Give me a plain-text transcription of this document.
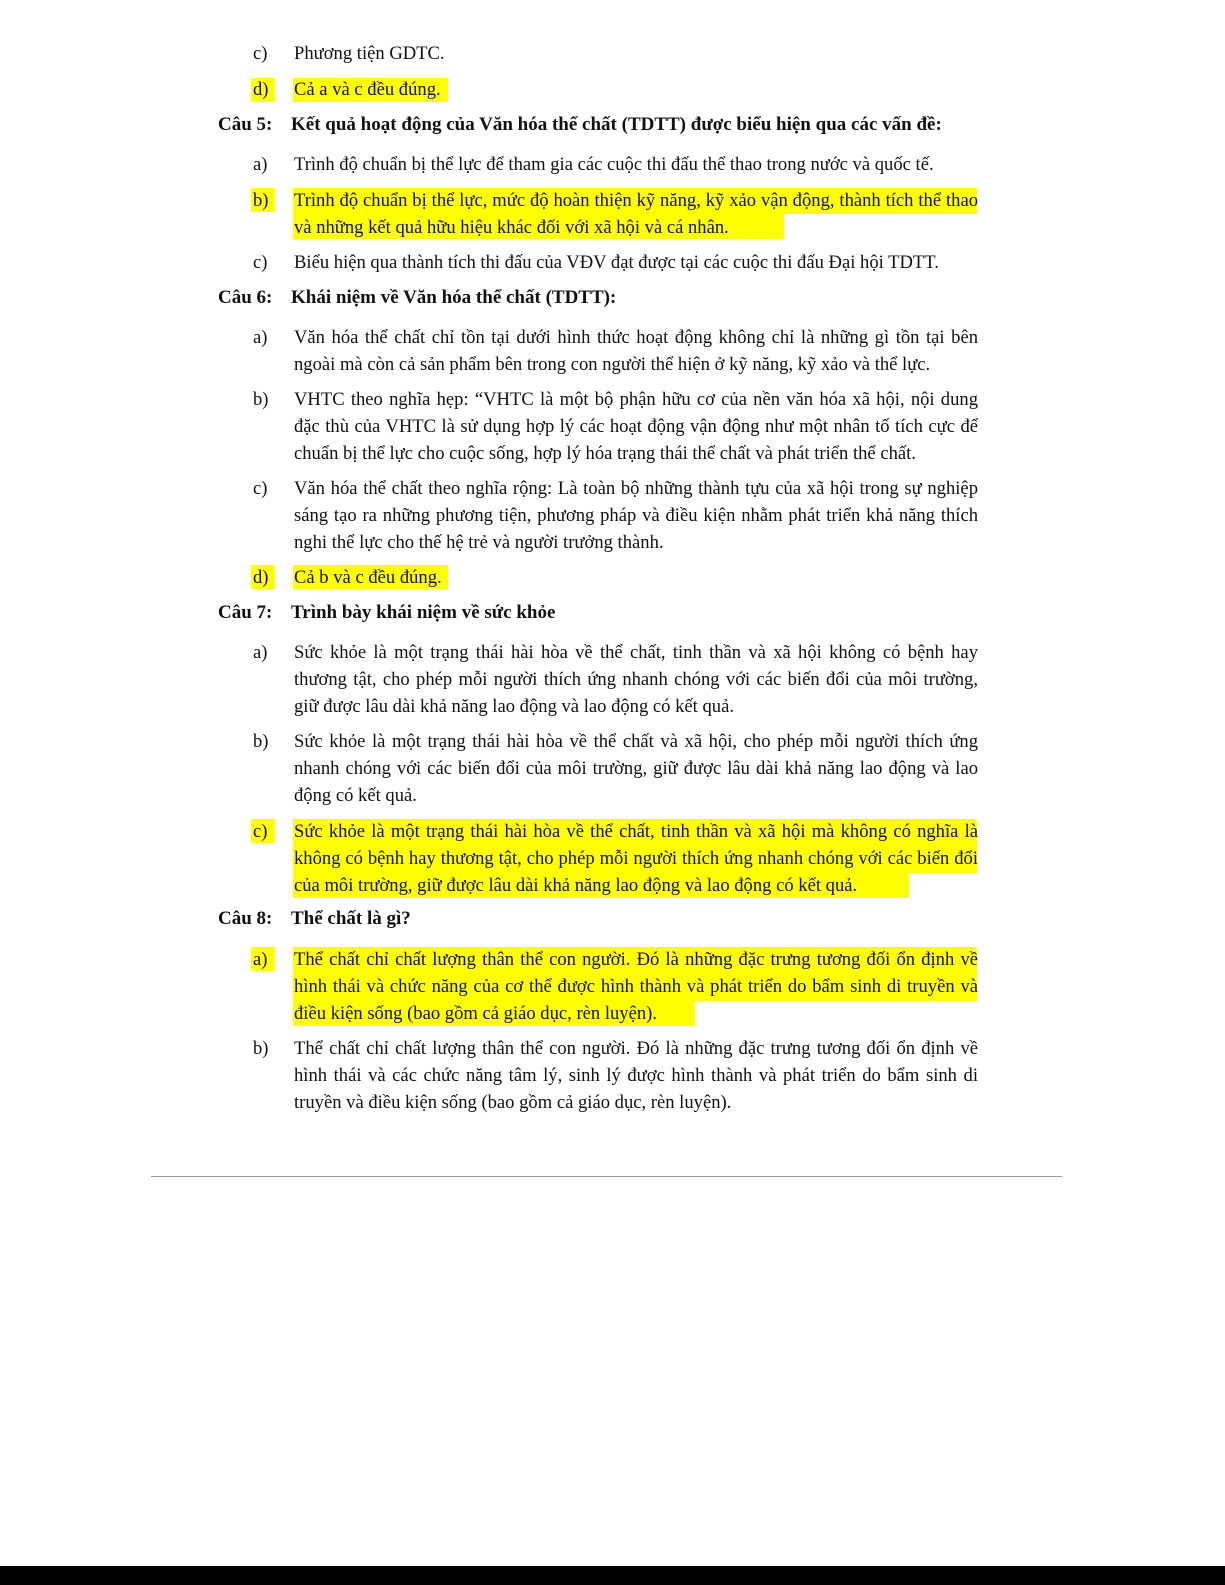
c)	Phương tiện GDTC.
d)	Cả a và c đều đúng.
Câu 5: Kết quả hoạt động của Văn hóa thể chất (TDTT) được biểu hiện qua các vấn đề:
a)	Trình độ chuẩn bị thể lực để tham gia các cuộc thi đấu thể thao trong nước và quốc tế.
b)	Trình độ chuẩn bị thể lực, mức độ hoàn thiện kỹ năng, kỹ xảo vận động, thành tích thể thao và những kết quả hữu hiệu khác đối với xã hội và cá nhân.
c)	Biểu hiện qua thành tích thi đấu của VĐV đạt được tại các cuộc thi đấu Đại hội TDTT.
Câu 6: Khái niệm về Văn hóa thể chất (TDTT):
a)	Văn hóa thể chất chỉ tồn tại dưới hình thức hoạt động không chỉ là những gì tồn tại bên ngoài mà còn cả sản phẩm bên trong con người thể hiện ở kỹ năng, kỹ xảo và thể lực.
b)	VHTC theo nghĩa hẹp: “VHTC là một bộ phận hữu cơ của nền văn hóa xã hội, nội dung đặc thù của VHTC là sử dụng hợp lý các hoạt động vận động như một nhân tố tích cực để chuẩn bị thể lực cho cuộc sống, hợp lý hóa trạng thái thể chất và phát triển thể chất.
c)	Văn hóa thể chất theo nghĩa rộng: Là toàn bộ những thành tựu của xã hội trong sự nghiệp sáng tạo ra những phương tiện, phương pháp và điều kiện nhằm phát triển khả năng thích nghi thể lực cho thế hệ trẻ và người trưởng thành.
d)	Cả b và c đều đúng.
Câu 7: Trình bày khái niệm về sức khỏe
a)	Sức khỏe là một trạng thái hài hòa về thể chất, tinh thần và xã hội không có bệnh hay thương tật, cho phép mỗi người thích ứng nhanh chóng với các biến đổi của môi trường, giữ được lâu dài khả năng lao động và lao động có kết quả.
b)	Sức khỏe là một trạng thái hài hòa về thể chất và xã hội, cho phép mỗi người thích ứng nhanh chóng với các biến đổi của môi trường, giữ được lâu dài khả năng lao động và lao động có kết quả.
c)	Sức khỏe là một trạng thái hài hòa về thể chất, tinh thần và xã hội mà không có nghĩa là không có bệnh hay thương tật, cho phép mỗi người thích ứng nhanh chóng với các biến đổi của môi trường, giữ được lâu dài khả năng lao động và lao động có kết quả.
Câu 8: Thể chất là gì?
a)	Thể chất chỉ chất lượng thân thể con người. Đó là những đặc trưng tương đối ổn định về hình thái và chức năng của cơ thể được hình thành và phát triển do bẩm sinh di truyền và điều kiện sống (bao gồm cả giáo dục, rèn luyện).
b)	Thể chất chỉ chất lượng thân thể con người. Đó là những đặc trưng tương đối ổn định về hình thái và các chức năng tâm lý, sinh lý được hình thành và phát triển do bẩm sinh di truyền và điều kiện sống (bao gồm cả giáo dục, rèn luyện).
